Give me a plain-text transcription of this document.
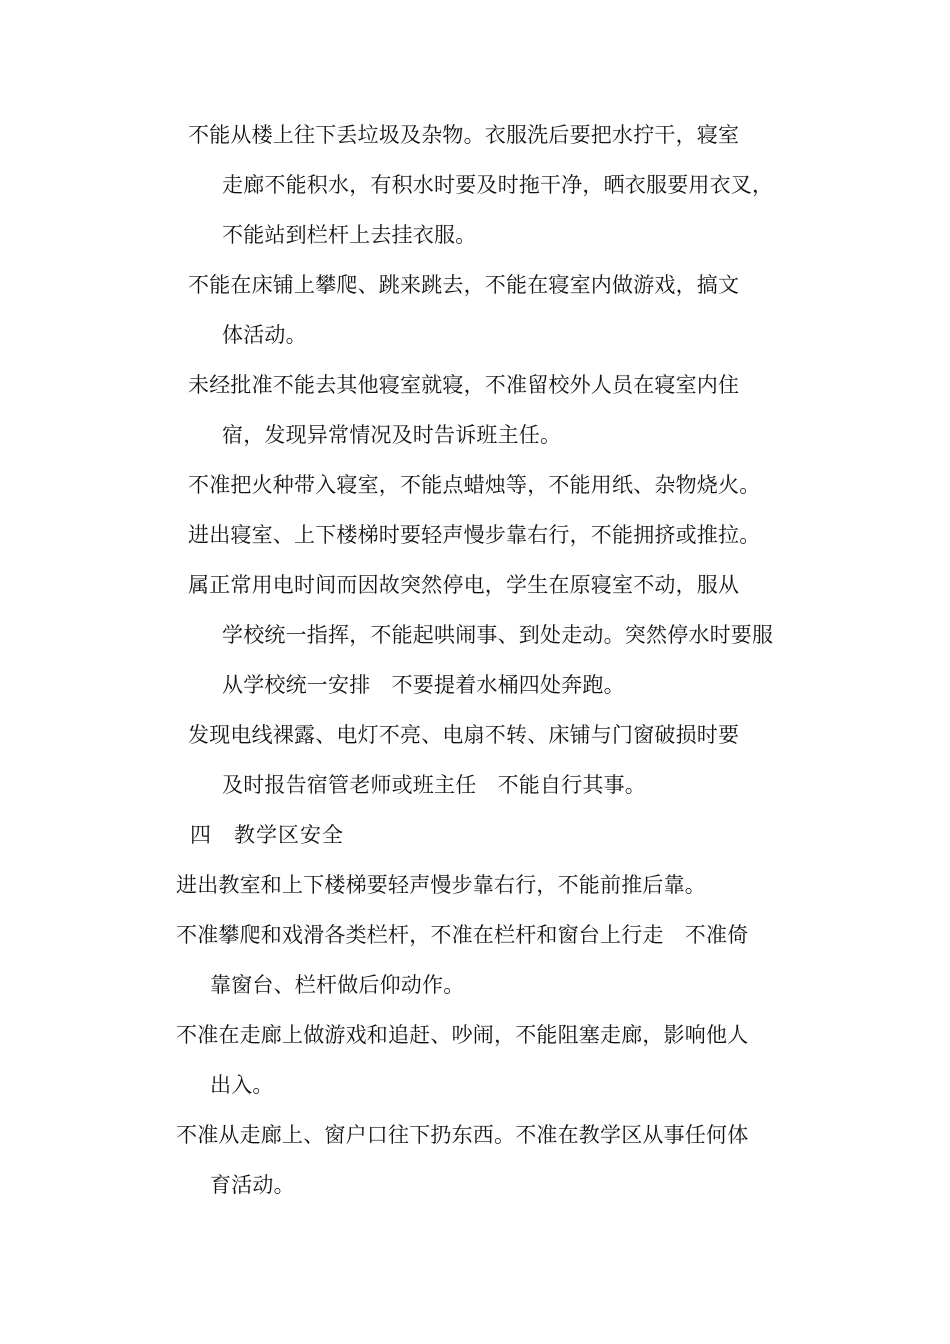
不能从楼上往下丢垃圾及杂物。衣服洗后要把水拧干，寝室
走廊不能积水，有积水时要及时拖干净，晒衣服要用衣叉，
不能站到栏杆上去挂衣服。
不能在床铺上攀爬、跳来跳去，不能在寝室内做游戏，搞文
体活动。
未经批准不能去其他寝室就寝，不准留校外人员在寝室内住
宿，发现异常情况及时告诉班主任。
不准把火种带入寝室，不能点蜡烛等，不能用纸、杂物烧火。
进出寝室、上下楼梯时要轻声慢步靠右行，不能拥挤或推拉。
属正常用电时间而因故突然停电，学生在原寝室不动，服从
学校统一指挥，不能起哄闹事、到处走动。突然停水时要服
从学校统一安排　不要提着水桶四处奔跑。
发现电线裸露、电灯不亮、电扇不转、床铺与门窗破损时要
及时报告宿管老师或班主任　不能自行其事。
四　教学区安全
进出教室和上下楼梯要轻声慢步靠右行，不能前推后靠。
不准攀爬和戏滑各类栏杆，不准在栏杆和窗台上行走　不准倚
靠窗台、栏杆做后仰动作。
不准在走廊上做游戏和追赶、吵闹，不能阻塞走廊，影响他人
出入。
不准从走廊上、窗户口往下扔东西。不准在教学区从事任何体
育活动。
